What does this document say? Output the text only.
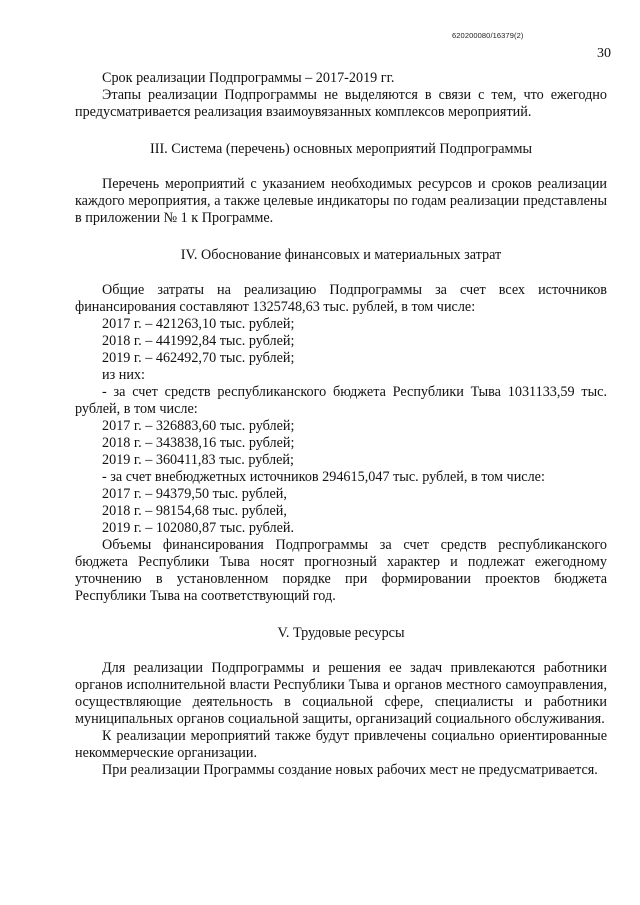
620200080/16379(2)
30

Срок реализации Подпрограммы – 2017-2019 гг.

Этапы реализации Подпрограммы не выделяются в связи с тем, что ежегодно предусматривается реализация взаимоувязанных комплексов мероприятий.

III. Система (перечень) основных мероприятий Подпрограммы

Перечень мероприятий с указанием необходимых ресурсов и сроков реализации каждого мероприятия, а также целевые индикаторы по годам реализации представлены в приложении № 1 к Программе.

IV. Обоснование финансовых и материальных затрат

Общие затраты на реализацию Подпрограммы за счет всех источников финансирования составляют 1325748,63 тыс. рублей, в том числе:

2017 г. – 421263,10 тыс. рублей;

2018 г. – 441992,84 тыс. рублей;

2019 г. – 462492,70 тыс. рублей;

из них:

- за счет средств республиканского бюджета Республики Тыва 1031133,59 тыс. рублей, в том числе:

2017 г. – 326883,60 тыс. рублей;

2018 г. – 343838,16 тыс. рублей;

2019 г. – 360411,83 тыс. рублей;

- за счет внебюджетных источников 294615,047 тыс. рублей, в том числе:

2017 г. – 94379,50 тыс. рублей,

2018 г. – 98154,68 тыс. рублей,

2019 г. – 102080,87 тыс. рублей.

Объемы финансирования Подпрограммы за счет средств республиканского бюджета Республики Тыва носят прогнозный характер и подлежат ежегодному уточнению в установленном порядке при формировании проектов бюджета Республики Тыва на соответствующий год.

V. Трудовые ресурсы

Для реализации Подпрограммы и решения ее задач привлекаются работники органов исполнительной власти Республики Тыва и органов местного самоуправления, осуществляющие деятельность в социальной сфере, специалисты и работники муниципальных органов социальной защиты, организаций социального обслуживания.

К реализации мероприятий также будут привлечены социально ориентированные некоммерческие организации.

При реализации Программы создание новых рабочих мест не предусматривается.
